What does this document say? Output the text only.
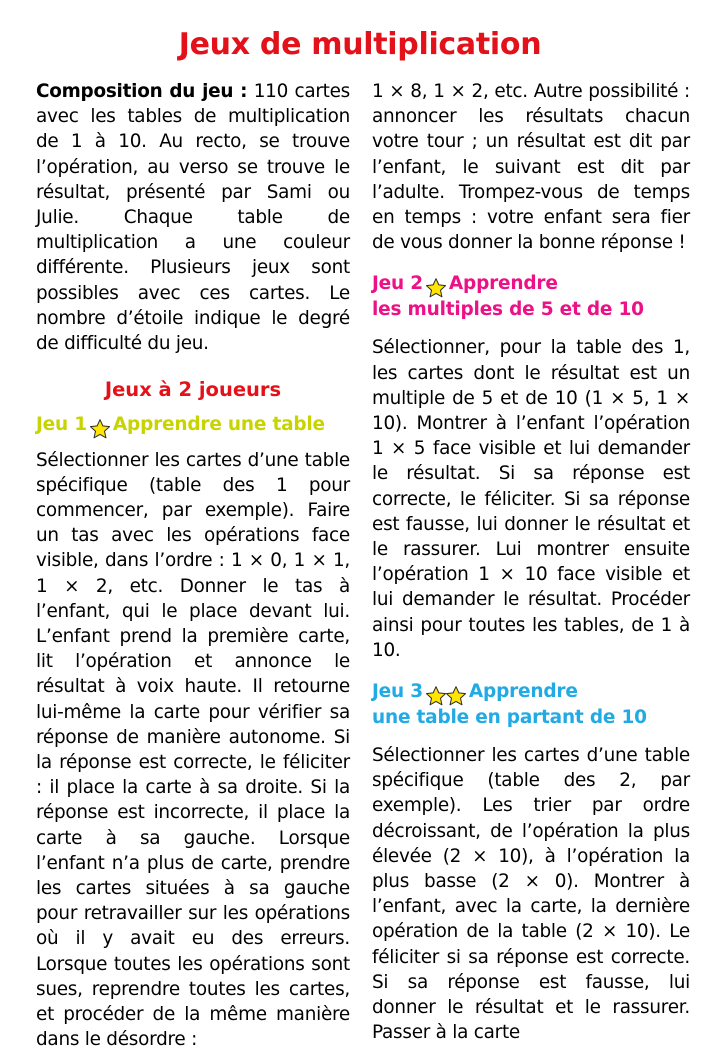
Jeux de multiplication

Composition du jeu : 110 cartes avec les tables de multiplication de 1 à 10. Au recto, se trouve l’opération, au verso se trouve le résultat, présenté par Sami ou Julie. Chaque table de multiplication a une couleur différente. Plusieurs jeux sont possibles avec ces cartes. Le nombre d’étoile indique le degré de difficulté du jeu.

Jeux à 2 joueurs
Jeu 1 Apprendre une table

Sélectionner les cartes d’une table spécifique (table des 1 pour commencer, par exemple). Faire un tas avec les opérations face visible, dans l’ordre : 1 × 0, 1 × 1, 1 × 2, etc. Donner le tas à l’enfant, qui le place devant lui. L’enfant prend la première carte, lit l’opération et annonce le résultat à voix haute. Il retourne lui-même la carte pour vérifier sa réponse de manière autonome. Si la réponse est correcte, le féliciter : il place la carte à sa droite. Si la réponse est incorrecte, il place la carte à sa gauche. Lorsque l’enfant n’a plus de carte, prendre les cartes situées à sa gauche pour retravailler sur les opérations où il y avait eu des erreurs. Lorsque toutes les opérations sont sues, reprendre toutes les cartes, et procéder de la même manière dans le désordre :

1 × 8, 1 × 2, etc. Autre possibilité : annoncer les résultats chacun votre tour ; un résultat est dit par l’enfant, le suivant est dit par l’adulte. Trompez-vous de temps en temps : votre enfant sera fier de vous donner la bonne réponse !

Jeu 2 Apprendre
les multiples de 5 et de 10

Sélectionner, pour la table des 1, les cartes dont le résultat est un multiple de 5 et de 10 (1 × 5, 1 × 10). Montrer à l’enfant l’opération 1 × 5 face visible et lui demander le résultat. Si sa réponse est correcte, le féliciter. Si sa réponse est fausse, lui donner le résultat et le rassurer. Lui montrer ensuite l’opération 1 × 10 face visible et lui demander le résultat. Procéder ainsi pour toutes les tables, de 1 à 10.

Jeu 3 Apprendre
une table en partant de 10

Sélectionner les cartes d’une table spécifique (table des 2, par exemple). Les trier par ordre décroissant, de l’opération la plus élevée (2 × 10), à l’opération la plus basse (2 × 0). Montrer à l’enfant, avec la carte, la dernière opération de la table (2 × 10). Le féliciter si sa réponse est correcte. Si sa réponse est fausse, lui donner le résultat et le rassurer. Passer à la carte
